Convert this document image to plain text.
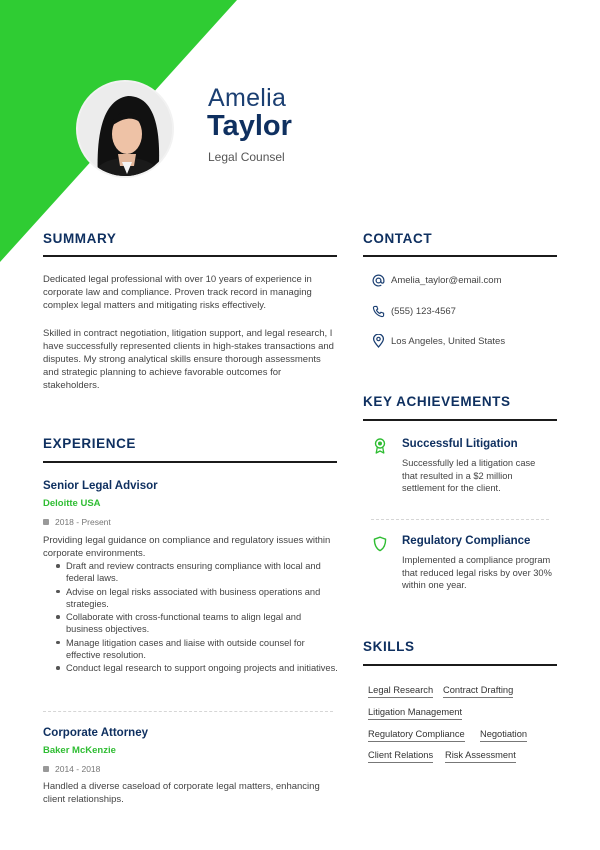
Amelia
Taylor
Legal Counsel
SUMMARY
Dedicated legal professional with over 10 years of experience in corporate law and compliance. Proven track record in managing complex legal matters and mitigating risks effectively.
Skilled in contract negotiation, litigation support, and legal research, I have successfully represented clients in high-stakes transactions and disputes. My strong analytical skills ensure thorough assessments and strategic planning to achieve favorable outcomes for stakeholders.
EXPERIENCE
Senior Legal Advisor
Deloitte USA
2018 - Present
Providing legal guidance on compliance and regulatory issues within corporate environments.
Draft and review contracts ensuring compliance with local and federal laws.
Advise on legal risks associated with business operations and strategies.
Collaborate with cross-functional teams to align legal and business objectives.
Manage litigation cases and liaise with outside counsel for effective resolution.
Conduct legal research to support ongoing projects and initiatives.
Corporate Attorney
Baker McKenzie
2014 - 2018
Handled a diverse caseload of corporate legal matters, enhancing client relationships.
CONTACT
Amelia_taylor@email.com
(555) 123-4567
Los Angeles, United States
KEY ACHIEVEMENTS
Successful Litigation
Successfully led a litigation case that resulted in a $2 million settlement for the client.
Regulatory Compliance
Implemented a compliance program that reduced legal risks by over 30% within one year.
SKILLS
Legal Research Contract Drafting
Litigation Management
Regulatory Compliance Negotiation
Client Relations Risk Assessment
